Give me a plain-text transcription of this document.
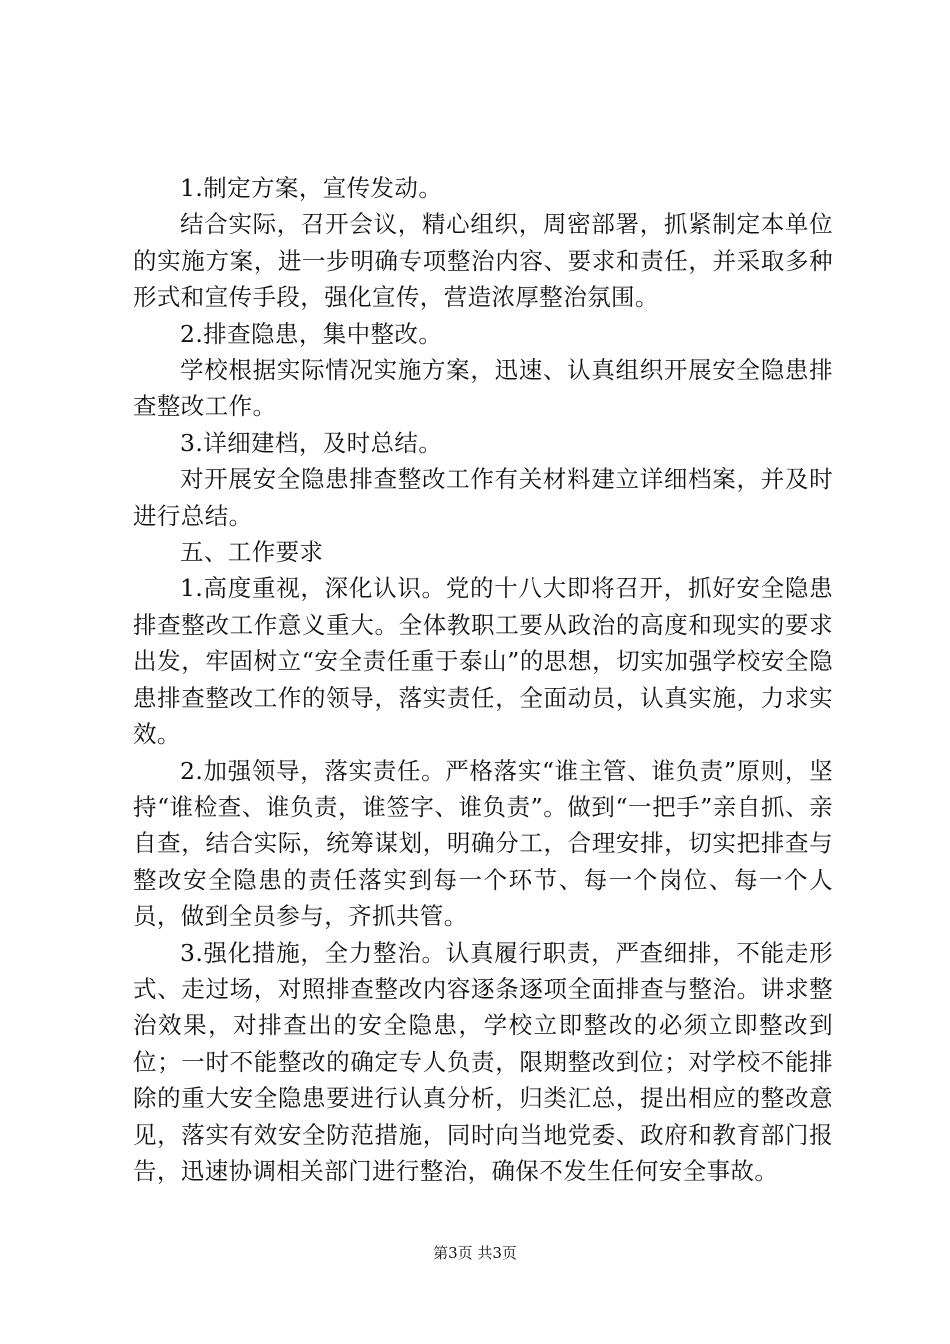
1.制定方案，宣传发动。

结合实际，召开会议，精心组织，周密部署，抓紧制定本单位的实施方案，进一步明确专项整治内容、要求和责任，并采取多种形式和宣传手段，强化宣传，营造浓厚整治氛围。

2.排查隐患，集中整改。

学校根据实际情况实施方案，迅速、认真组织开展安全隐患排查整改工作。

3.详细建档，及时总结。

对开展安全隐患排查整改工作有关材料建立详细档案，并及时进行总结。

五、工作要求

1.高度重视，深化认识。党的十八大即将召开，抓好安全隐患排查整改工作意义重大。全体教职工要从政治的高度和现实的要求出发，牢固树立“安全责任重于泰山”的思想，切实加强学校安全隐患排查整改工作的领导，落实责任，全面动员，认真实施，力求实效。

2.加强领导，落实责任。严格落实“谁主管、谁负责”原则，坚持“谁检查、谁负责，谁签字、谁负责”。做到“一把手”亲自抓、亲自查，结合实际，统筹谋划，明确分工，合理安排，切实把排查与整改安全隐患的责任落实到每一个环节、每一个岗位、每一个人员，做到全员参与，齐抓共管。

3.强化措施，全力整治。认真履行职责，严查细排，不能走形式、走过场，对照排查整改内容逐条逐项全面排查与整治。讲求整治效果，对排查出的安全隐患，学校立即整改的必须立即整改到位；一时不能整改的确定专人负责，限期整改到位；对学校不能排除的重大安全隐患要进行认真分析，归类汇总，提出相应的整改意见，落实有效安全防范措施，同时向当地党委、政府和教育部门报告，迅速协调相关部门进行整治，确保不发生任何安全事故。

第3页 共3页
